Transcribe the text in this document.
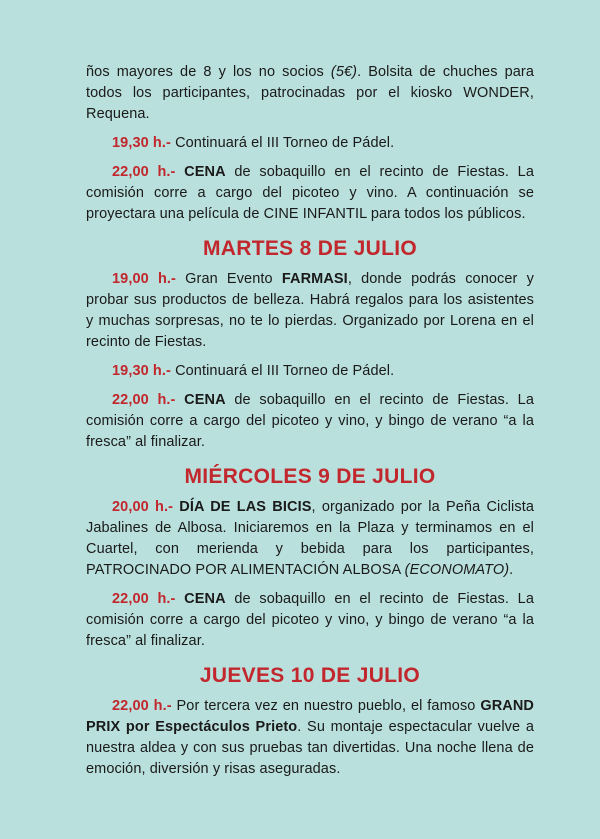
ños mayores de 8 y los no socios (5€). Bolsita de chuches para todos los participantes, patrocinadas por el kiosko WONDER, Requena.

19,30 h.- Continuará el III Torneo de Pádel.

22,00 h.- CENA de sobaquillo en el recinto de Fiestas. La comisión corre a cargo del picoteo y vino. A continuación se proyectara una película de CINE INFANTIL para todos los públicos.

MARTES 8 DE JULIO

19,00 h.- Gran Evento FARMASI, donde podrás conocer y probar sus productos de belleza. Habrá regalos para los asistentes y muchas sorpresas, no te lo pierdas. Organizado por Lorena en el recinto de Fiestas.

19,30 h.- Continuará el III Torneo de Pádel.

22,00 h.- CENA de sobaquillo en el recinto de Fiestas. La comisión corre a cargo del picoteo y vino, y bingo de verano “a la fresca” al finalizar.

MIÉRCOLES 9 DE JULIO

20,00 h.- DÍA DE LAS BICIS, organizado por la Peña Ciclista Jabalines de Albosa. Iniciaremos en la Plaza y terminamos en el Cuartel, con merienda y bebida para los participantes, PATROCINADO POR ALIMENTACIÓN ALBOSA (ECONOMATO).

22,00 h.- CENA de sobaquillo en el recinto de Fiestas. La comisión corre a cargo del picoteo y vino, y bingo de verano “a la fresca” al finalizar.

JUEVES 10 DE JULIO

22,00 h.- Por tercera vez en nuestro pueblo, el famoso GRAND PRIX por Espectáculos Prieto. Su montaje espectacular vuelve a nuestra aldea y con sus pruebas tan divertidas. Una noche llena de emoción, diversión y risas aseguradas.
